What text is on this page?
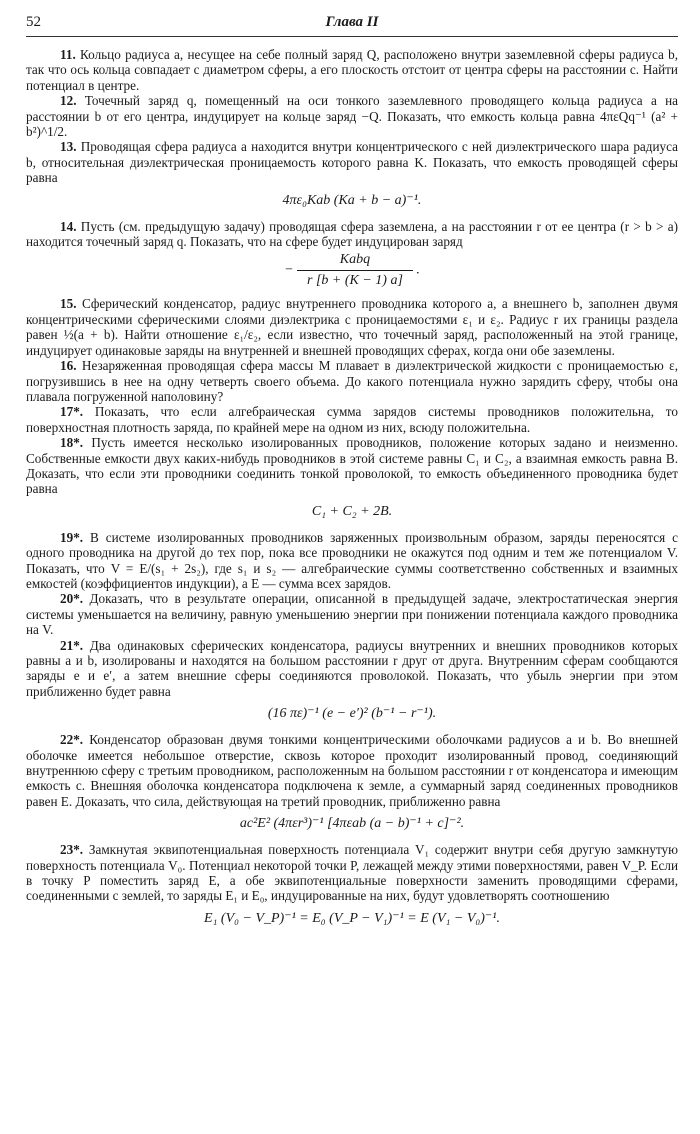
52	Глава II

11. Кольцо радиуса a, несущее на себе полный заряд Q, расположено внутри заземлевной сферы радиуса b, так что ось кольца совпадает с диаметром сферы, а его плоскость отстоит от центра сферы на расстоянии c. Найти потенциал в центре.

12. Точечный заряд q, помещенный на оси тонкого заземлевного проводящего кольца радиуса a на расстоянии b от его центра, индуцирует на кольце заряд −Q. Показать, что емкость кольца равна 4πεQq⁻¹ (a² + b²)^1/2.

13. Проводящая сфера радиуса a находится внутри концентрического с ней диэлектрического шара радиуса b, относительная диэлектрическая проницаемость которого равна K. Показать, что емкость проводящей сферы равна

4πε₀Kab (Ka + b − a)⁻¹.

14. Пусть (см. предыдущую задачу) проводящая сфера заземлена, а на расстоянии r от ее центра (r > b > a) находится точечный заряд q. Показать, что на сфере будет индуцирован заряд

− $\frac{\text{Kabq}}{r [b + (K - 1) a]}$ .

15. Сферический конденсатор, радиус внутреннего проводника которого a, а внешнего b, заполнен двумя концентрическими сферическими слоями диэлектрика с проницаемостями ε₁ и ε₂. Радиус r их границы раздела равен ½(a + b). Найти отношение ε₁/ε₂, если известно, что точечный заряд, расположенный на этой границе, индуцирует одинаковые заряды на внутренней и внешней проводящих сферах, когда они обе заземлены.

16. Незаряженная проводящая сфера массы M плавает в диэлектрической жидкости с проницаемостью ε, погрузившись в нее на одну четверть своего объема. До какого потенциала нужно зарядить сферу, чтобы она плавала погруженной наполовину?

17*. Показать, что если алгебраическая сумма зарядов системы проводников положительна, то поверхностная плотность заряда, по крайней мере на одном из них, всюду положительна.

18*. Пусть имеется несколько изолированных проводников, положение которых задано и неизменно. Собственные емкости двух каких-нибудь проводников в этой системе равны C₁ и C₂, а взаимная емкость равна B. Доказать, что если эти проводники соединить тонкой проволокой, то емкость объединенного проводника будет равна

C₁ + C₂ + 2B.

19*. В системе изолированных проводников заряженных произвольным образом, заряды переносятся с одного проводника на другой до тех пор, пока все проводники не окажутся под одним и тем же потенциалом V. Показать, что V = E/(s₁ + 2s₂), где s₁ и s₂ — алгебраические суммы соответственно собственных и взаимных емкостей (коэффициентов индукции), а E — сумма всех зарядов.

20*. Доказать, что в результате операции, описанной в предыдущей задаче, электростатическая энергия системы уменьшается на величину, равную уменьшению энергии при понижении потенциала каждого проводника на V.

21*. Два одинаковых сферических конденсатора, радиусы внутренних и внешних проводников которых равны a и b, изолированы и находятся на большом расстоянии r друг от друга. Внутренним сферам сообщаются заряды e и e′, а затем внешние сферы соединяются проволокой. Показать, что убыль энергии при этом приближенно будет равна

(16 πε)⁻¹ (e − e′)² (b⁻¹ − r⁻¹).

22*. Конденсатор образован двумя тонкими концентрическими оболочками радиусов a и b. Во внешней оболочке имеется небольшое отверстие, сквозь которое проходит изолированный провод, соединяющий внутреннюю сферу с третьим проводником, расположенным на большом расстоянии r от конденсатора и имеющим емкость c. Внешняя оболочка конденсатора подключена к земле, а суммарный заряд соединенных проводников равен E. Доказать, что сила, действующая на третий проводник, приближенно равна

ac²E² (4πεr³)⁻¹ [4πεab (a − b)⁻¹ + c]⁻².

23*. Замкнутая эквипотенциальная поверхность потенциала V₁ содержит внутри себя другую замкнутую поверхность потенциала V₀. Потенциал некоторой точки P, лежащей между этими поверхностями, равен V_P. Если в точку P поместить заряд E, а обе эквипотенциальные поверхности заменить проводящими сферами, соединенными с землей, то заряды E₁ и E₀, индуцированные на них, будут удовлетворять соотношению

E₁ (V₀ − V_P)⁻¹ = E₀ (V_P − V₁)⁻¹ = E (V₁ − V₀)⁻¹.
